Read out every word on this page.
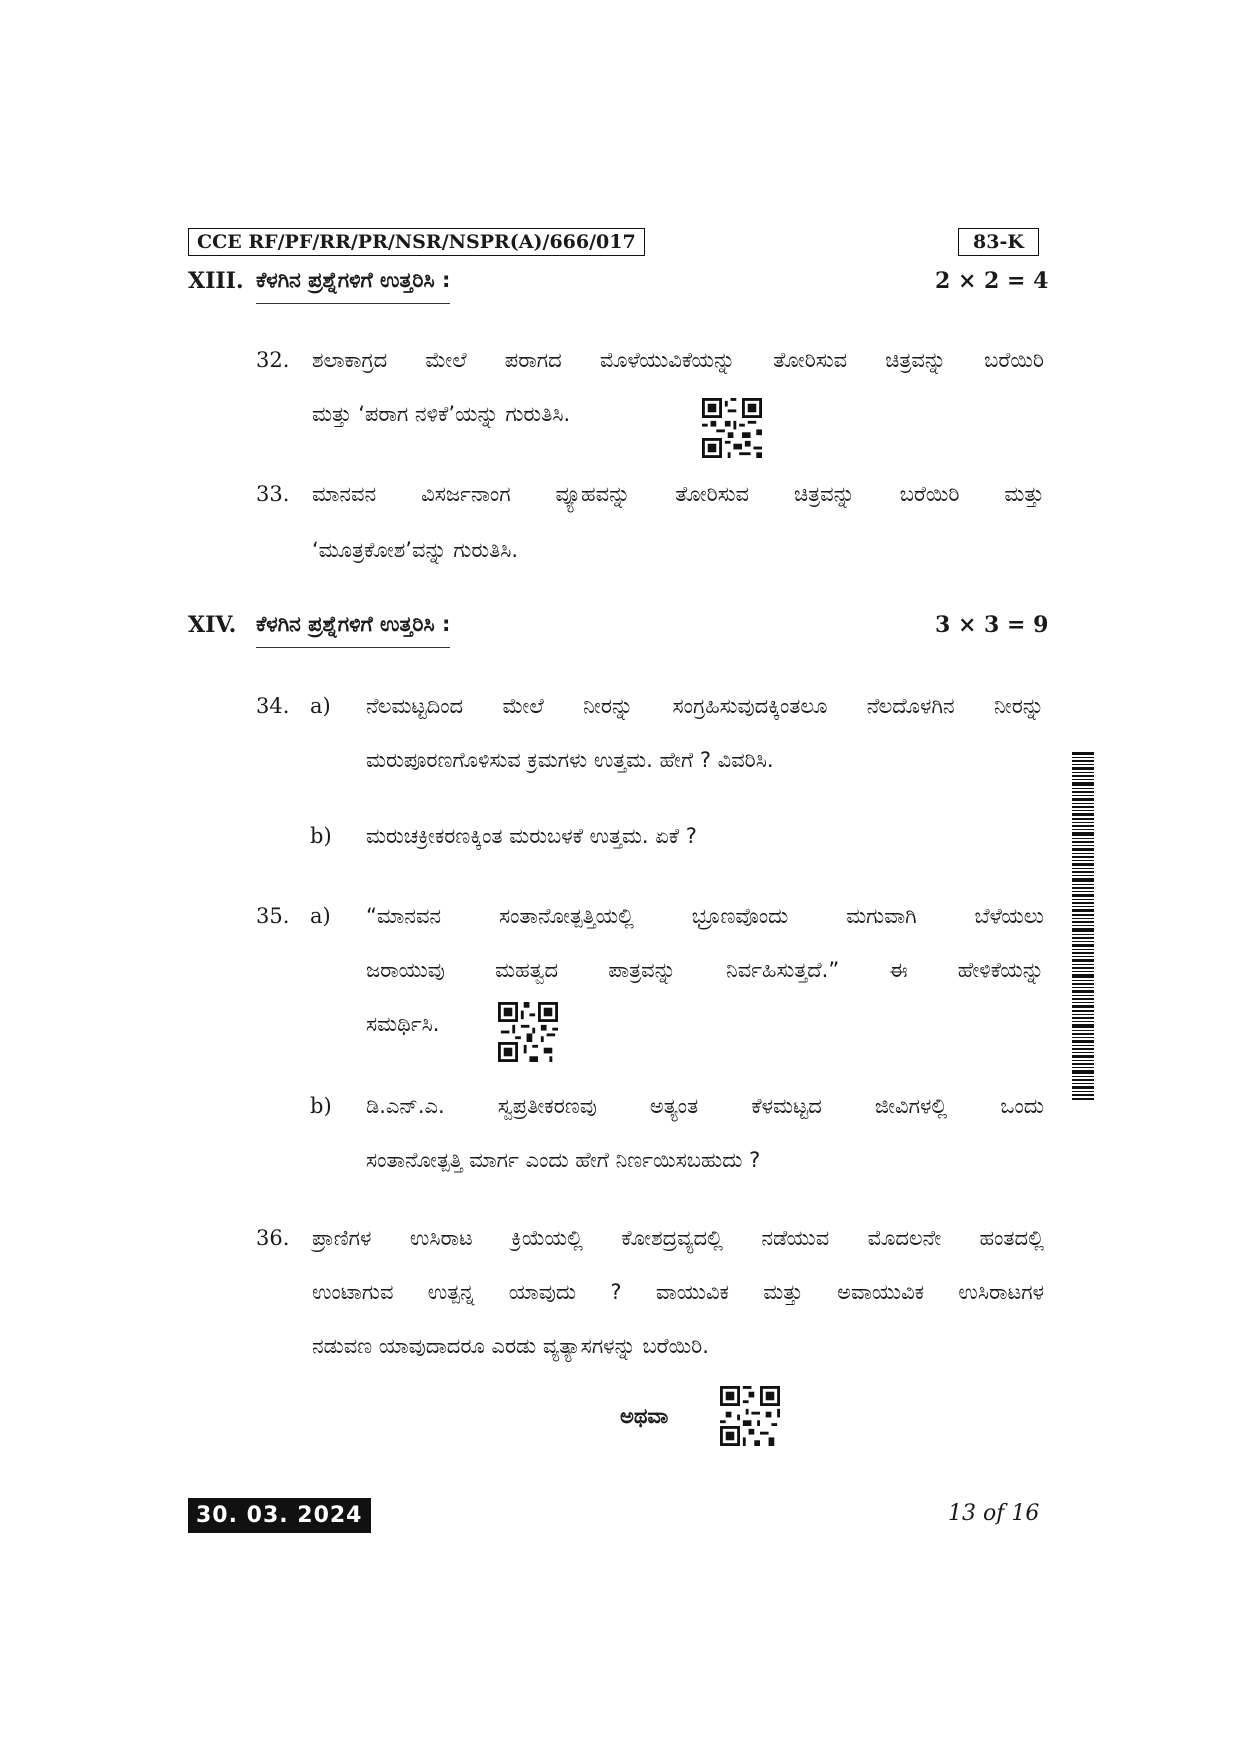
CCE RF/PF/RR/PR/NSR/NSPR(A)/666/017	83-K
XIII. ಕೆಳಗಿನ ಪ್ರಶ್ನೆಗಳಿಗೆ ಉತ್ತರಿಸಿ :	2 × 2 = 4
32. ಶಲಾಕಾಗ್ರದ ಮೇಲೆ ಪರಾಗದ ಮೊಳೆಯುವಿಕೆಯನ್ನು ತೋರಿಸುವ ಚಿತ್ರವನ್ನು ಬರೆಯಿರಿ
ಮತ್ತು ‘ಪರಾಗ ನಳಿಕೆ’ಯನ್ನು ಗುರುತಿಸಿ.
33. ಮಾನವನ ವಿಸರ್ಜನಾಂಗ ವ್ಯೂಹವನ್ನು ತೋರಿಸುವ ಚಿತ್ರವನ್ನು ಬರೆಯಿರಿ ಮತ್ತು
‘ಮೂತ್ರಕೋಶ’ವನ್ನು ಗುರುತಿಸಿ.
XIV. ಕೆಳಗಿನ ಪ್ರಶ್ನೆಗಳಿಗೆ ಉತ್ತರಿಸಿ :	3 × 3 = 9
34. a) ನೆಲಮಟ್ಟದಿಂದ ಮೇಲೆ ನೀರನ್ನು ಸಂಗ್ರಹಿಸುವುದಕ್ಕಿಂತಲೂ ನೆಲದೊಳಗಿನ ನೀರನ್ನು
ಮರುಪೂರಣಗೊಳಿಸುವ ಕ್ರಮಗಳು ಉತ್ತಮ. ಹೇಗೆ ? ವಿವರಿಸಿ.
b) ಮರುಚಕ್ರೀಕರಣಕ್ಕಿಂತ ಮರುಬಳಕೆ ಉತ್ತಮ. ಏಕೆ ?
35. a) “ಮಾನವನ ಸಂತಾನೋತ್ಪತ್ತಿಯಲ್ಲಿ ಭ್ರೂಣವೊಂದು ಮಗುವಾಗಿ ಬೆಳೆಯಲು
ಜರಾಯುವು ಮಹತ್ವದ ಪಾತ್ರವನ್ನು ನಿರ್ವಹಿಸುತ್ತದೆ.” ಈ ಹೇಳಿಕೆಯನ್ನು
ಸಮರ್ಥಿಸಿ.
b) ಡಿ.ಎನ್.ಎ. ಸ್ವಪ್ರತೀಕರಣವು ಅತ್ಯಂತ ಕೆಳಮಟ್ಟದ ಜೀವಿಗಳಲ್ಲಿ ಒಂದು
ಸಂತಾನೋತ್ಪತ್ತಿ ಮಾರ್ಗ ಎಂದು ಹೇಗೆ ನಿರ್ಣಯಿಸಬಹುದು ?
36. ಪ್ರಾಣಿಗಳ ಉಸಿರಾಟ ಕ್ರಿಯೆಯಲ್ಲಿ ಕೋಶದ್ರವ್ಯದಲ್ಲಿ ನಡೆಯುವ ಮೊದಲನೇ ಹಂತದಲ್ಲಿ
ಉಂಟಾಗುವ ಉತ್ಪನ್ನ ಯಾವುದು ? ವಾಯುವಿಕ ಮತ್ತು ಅವಾಯುವಿಕ ಉಸಿರಾಟಗಳ
ನಡುವಣ ಯಾವುದಾದರೂ ಎರಡು ವ್ಯತ್ಯಾಸಗಳನ್ನು ಬರೆಯಿರಿ.
ಅಥವಾ
30. 03. 2024	13 of 16
